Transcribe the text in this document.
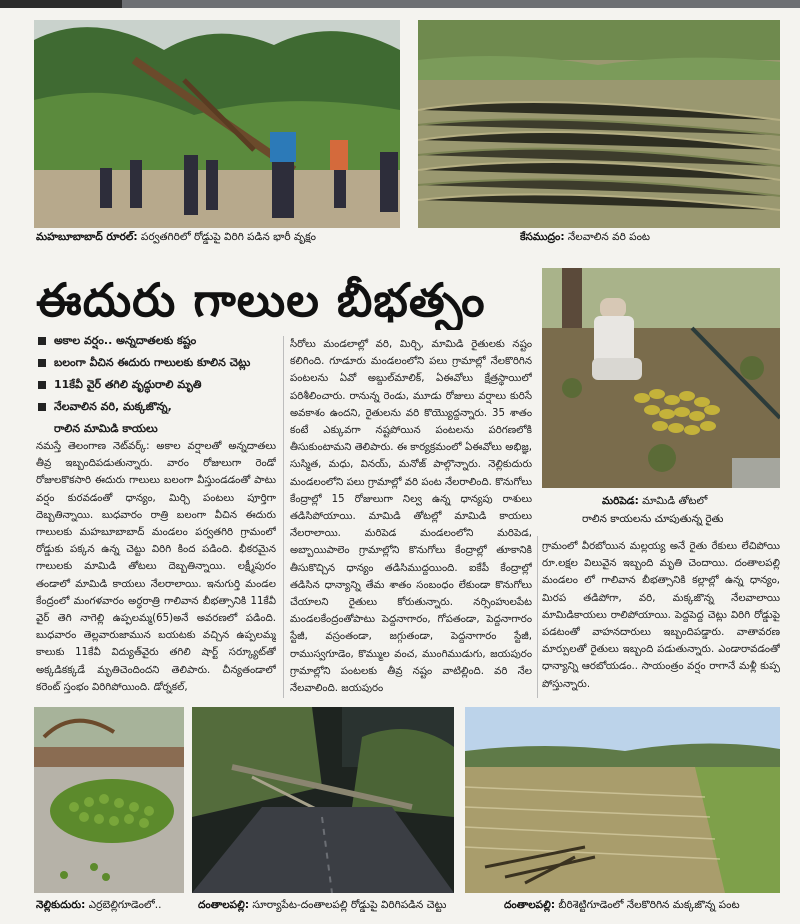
మహబూబాబాద్ రూరల్: పర్వతగిరిలో రోడ్డుపై విరిగి పడిన భారీ వృక్షం	కేసముద్రం: నేలవాలిన వరి పంట
ఈదురు గాలుల బీభత్సం
మరిపెడ: మామిడి తోటలో
రాలిన కాయలను చూపుతున్న రైతు
అకాల వర్షం.. అన్నదాతలకు కష్టం
బలంగా వీచిన ఈదురు గాలులకు కూలిన చెట్లు
11కేవీ వైర్ తగిలి వృద్ధురాలి మృతి
నేలవాలిన వరి, మక్కజొన్న,
రాలిన మామిడి కాయలు

నమస్తే తెలంగాణ నెట్‌వర్క్: అకాల వర్షాలతో అన్నదాతలు తీవ్ర ఇబ్బందిపడుతున్నారు. వారం రోజులుగా రెండో రోజులకొకసారి ఈదురు గాలులు బలంగా వీస్తుండడంతో పాటు వర్షం కురవడంతో ధాన్యం, మిర్చి పంటలు పూర్తిగా దెబ్బతిన్నాయి. బుధవారం రాత్రి బలంగా వీచిన ఈదురు గాలులకు మహబూబాబాద్ మండలం పర్వతగిరి గ్రామంలో రోడ్డుకు పక్కన ఉన్న చెట్టు విరిగి కింద పడింది. భీకరమైన గాలులకు మామిడి తోటలు దెబ్బతిన్నాయి. లక్ష్మీపురం తండాలో మామిడి కాయలు నేలరాలాయి. ఇనుగుర్తి మండల కేంద్రంలో మంగళవారం అర్ధరాత్రి గాలివాన బీభత్సానికి 11కేవీ వైర్ తెగి నాగెల్లి ఉప్పలమ్మ(65)అనే అవరణలో పడింది. బుధవారం తెల్లవారుజామున బయటకు వచ్చిన ఉప్పలమ్మ కాలుకు 11కేవీ విద్యుత్‌వైరు తగిలి షార్ట్ సర్క్యూట్‌తో అక్కడికక్కడే మృతిచెందిందని తెలిపారు. చీన్యతండాలో కరెంట్ స్తంభం విరిగిపోయింది. డోర్నకల్,

సీరోలు మండలాల్లో వరి, మిర్చి, మామిడి రైతులకు నష్టం కలిగింది. గూడూరు మండలంలోని పలు గ్రామాల్లో నేలకొరిగిన పంటలను ఏవో అబ్దుల్‌మాలిక్, ఏఈవోలు క్షేత్రస్థాయిలో పరిశీలించారు. రానున్న రెండు, మూడు రోజులు వర్షాలు కురిసే అవకాశం ఉందని, రైతులను వరి కొయ్యొద్దన్నారు. 35 శాతం కంటే ఎక్కువగా నష్టపోయిన పంటలను పరిగణలోకి తీసుకుంటామని తెలిపారు. ఈ కార్యక్రమంలో ఏఈవోలు అభిజ్ఞ, సుస్మిత, మధు, వినయ్, మనోజ్ పాల్గొన్నారు. నెల్లికుదురు మండలంలోని పలు గ్రామాల్లో వరి పంట నేలరాలింది. కొనుగోలు కేంద్రాల్లో 15 రోజులుగా నిల్వ ఉన్న ధాన్యపు రాశులు తడిసిపోయాయి. మామిడి తోటల్లో మామిడి కాయలు నేలరాలాయి. మరిపెడ మండలంలోని మరిపెడ, అబ్బాయిపాలెం గ్రామాల్లోని కొనుగోలు కేంద్రాల్లో తూకానికి తీసుకొచ్చిన ధాన్యం తడిసిముద్దయింది. ఐకేపీ కేంద్రాల్లో తడిసిన ధాన్యాన్ని తేమ శాతం సంబంధం లేకుండా కొనుగోలు చేయాలని రైతులు కోరుతున్నారు. నర్సింహులపేట మండలకేంద్రంతోపాటు పెద్దనాగారం, గోపతండా, పెద్దనాగారం స్టేజీ, వస్రంతండా, జగ్గుతండా, పెద్దనాగారం స్టేజీ, రాముస్వగూడెం, కొమ్ముల వంచ, ముంగిముడుగు, జయపురం గ్రామాల్లోని పంటలకు తీవ్ర నష్టం వాటిల్లింది. వరి నేల నేలవాలింది. జయపురం

గ్రామంలో వీరబోయిన మల్లయ్య అనే రైతు రేకులు లేచిపోయి రూ.లక్షల విలువైన ఇబ్బంది మృతి చెందాయి. దంతాలపల్లి మండలం లో గాలివాన బీభత్సానికి కల్లాల్లో ఉన్న ధాన్యం, మిరప తడిపోగా, వరి, మక్కజొన్న నేలవాలాయి మామిడికాయలు రాలిపోయాయి. పెద్దపెద్ద చెట్లు విరిగి రోడ్డుపై పడటంతో వాహనదారులు ఇబ్బందిపడ్డారు. వాతావరణ మార్పులతో రైతులు ఇబ్బంది పడుతున్నారు. ఎండారావడంతో ధాన్యాన్ని ఆరబోయడం.. సాయంత్రం వర్షం రాగానే మళ్లీ కుప్ప పోస్తున్నారు.

నెల్లికుదురు: ఎర్రబెల్లిగూడెంలో..	దంతాలపల్లి: సూర్యాపేట-దంతాలపల్లి రోడ్డుపై విరిగిపడిన చెట్టు	దంతాలపల్లి: బీరిశెట్టిగూడెంలో నేలకొరిగిన మక్కజొన్న పంట
